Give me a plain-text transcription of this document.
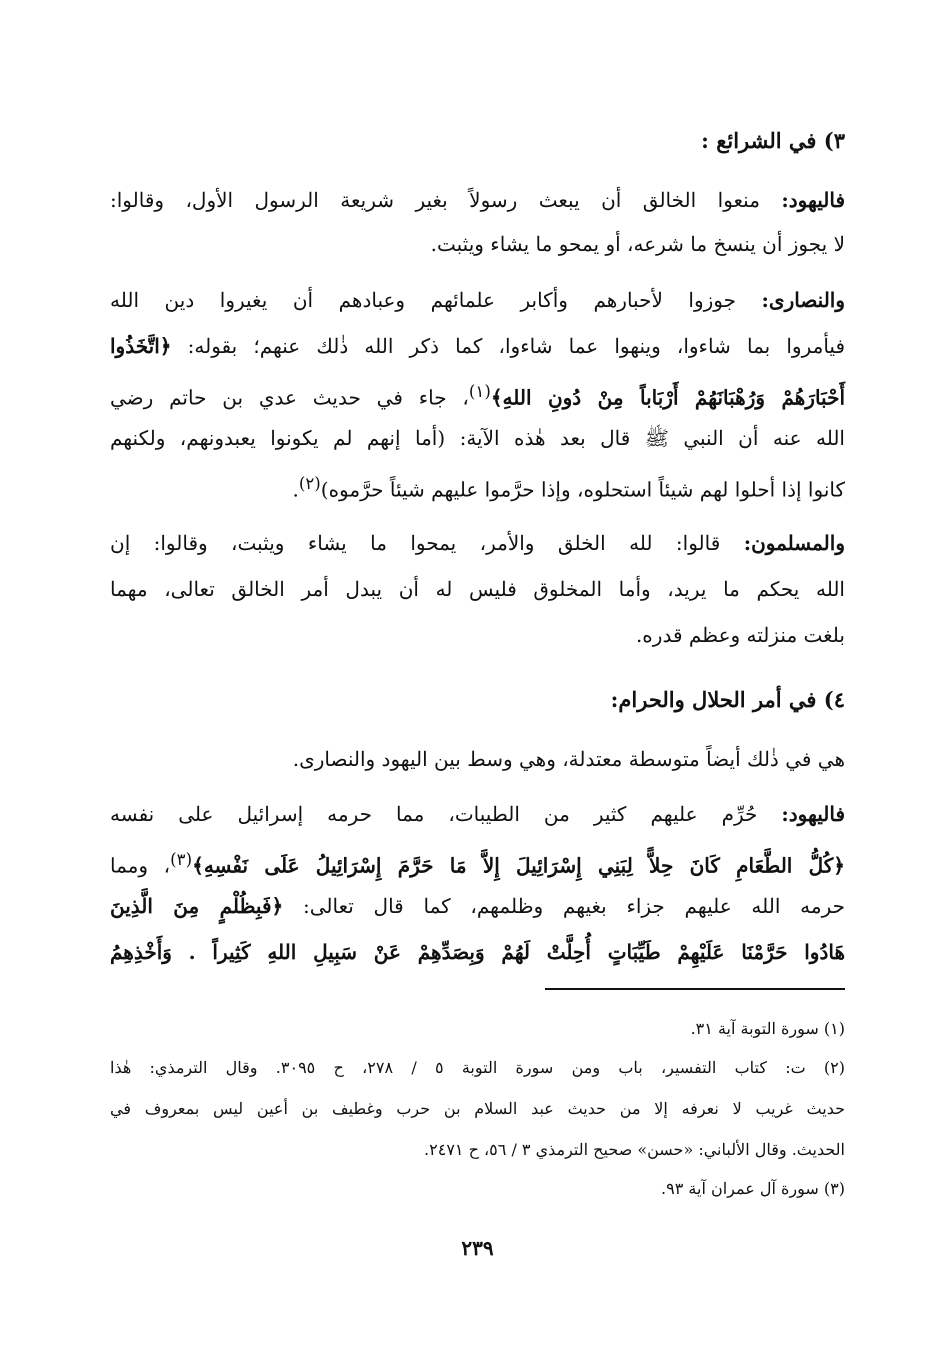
٣) في الشرائع :
فاليهود: منعوا الخالق أن يبعث رسولاً بغير شريعة الرسول الأول، وقالوا:
لا يجوز أن ينسخ ما شرعه، أو يمحو ما يشاء ويثبت.
والنصارى: جوزوا لأحبارهم وأكابر علمائهم وعبادهم أن يغيروا دين الله
فيأمروا بما شاءوا، وينهوا عما شاءوا، كما ذكر الله ذٰلك عنهم؛ بقوله: ﴿اتَّخَذُوا
أَحْبَارَهُمْ وَرُهْبَانَهُمْ أَرْبَاباً مِنْ دُونِ اللهِ﴾$^{(١)}$، جاء في حديث عدي بن حاتم رضي
الله عنه أن النبي ﷺ قال بعد هٰذه الآية: (أما إنهم لم يكونوا يعبدونهم، ولكنهم
كانوا إذا أحلوا لهم شيئاً استحلوه، وإذا حرَّموا عليهم شيئاً حرَّموه)$^{(٢)}$.
والمسلمون: قالوا: لله الخلق والأمر، يمحوا ما يشاء ويثبت، وقالوا: إن
الله يحكم ما يريد، وأما المخلوق فليس له أن يبدل أمر الخالق تعالى، مهما
بلغت منزلته وعظم قدره.
٤) في أمر الحلال والحرام:
هي في ذٰلك أيضاً متوسطة معتدلة، وهي وسط بين اليهود والنصارى.
فاليهود: حُرِّم عليهم كثير من الطيبات، مما حرمه إسرائيل على نفسه
﴿كُلُّ الطَّعَامِ كَانَ حِلاًّ لِبَنِي إِسْرَائِيلَ إِلاَّ مَا حَرَّمَ إِسْرَائِيلُ عَلَى نَفْسِهِ﴾$^{(٣)}$، ومما
حرمه الله عليهم جزاء بغيهم وظلمهم، كما قال تعالى: ﴿فَبِظُلْمٍ مِنَ الَّذِينَ
هَادُوا حَرَّمْنَا عَلَيْهِمْ طَيِّبَاتٍ أُحِلَّتْ لَهُمْ وَبِصَدِّهِمْ عَنْ سَبِيلِ اللهِ كَثِيراً . وَأَخْذِهِمُ
(١) سورة التوبة آية ٣١.
(٢) ت: كتاب التفسير، باب ومن سورة التوبة ٥ / ٢٧٨، ح ٣٠٩٥. وقال الترمذي: هٰذا
حديث غريب لا نعرفه إلا من حديث عبد السلام بن حرب وغطيف بن أعين ليس بمعروف في
الحديث. وقال الألباني: «حسن» صحيح الترمذي ٣ / ٥٦، ح ٢٤٧١.
(٣) سورة آل عمران آية ٩٣.
٢٣٩
